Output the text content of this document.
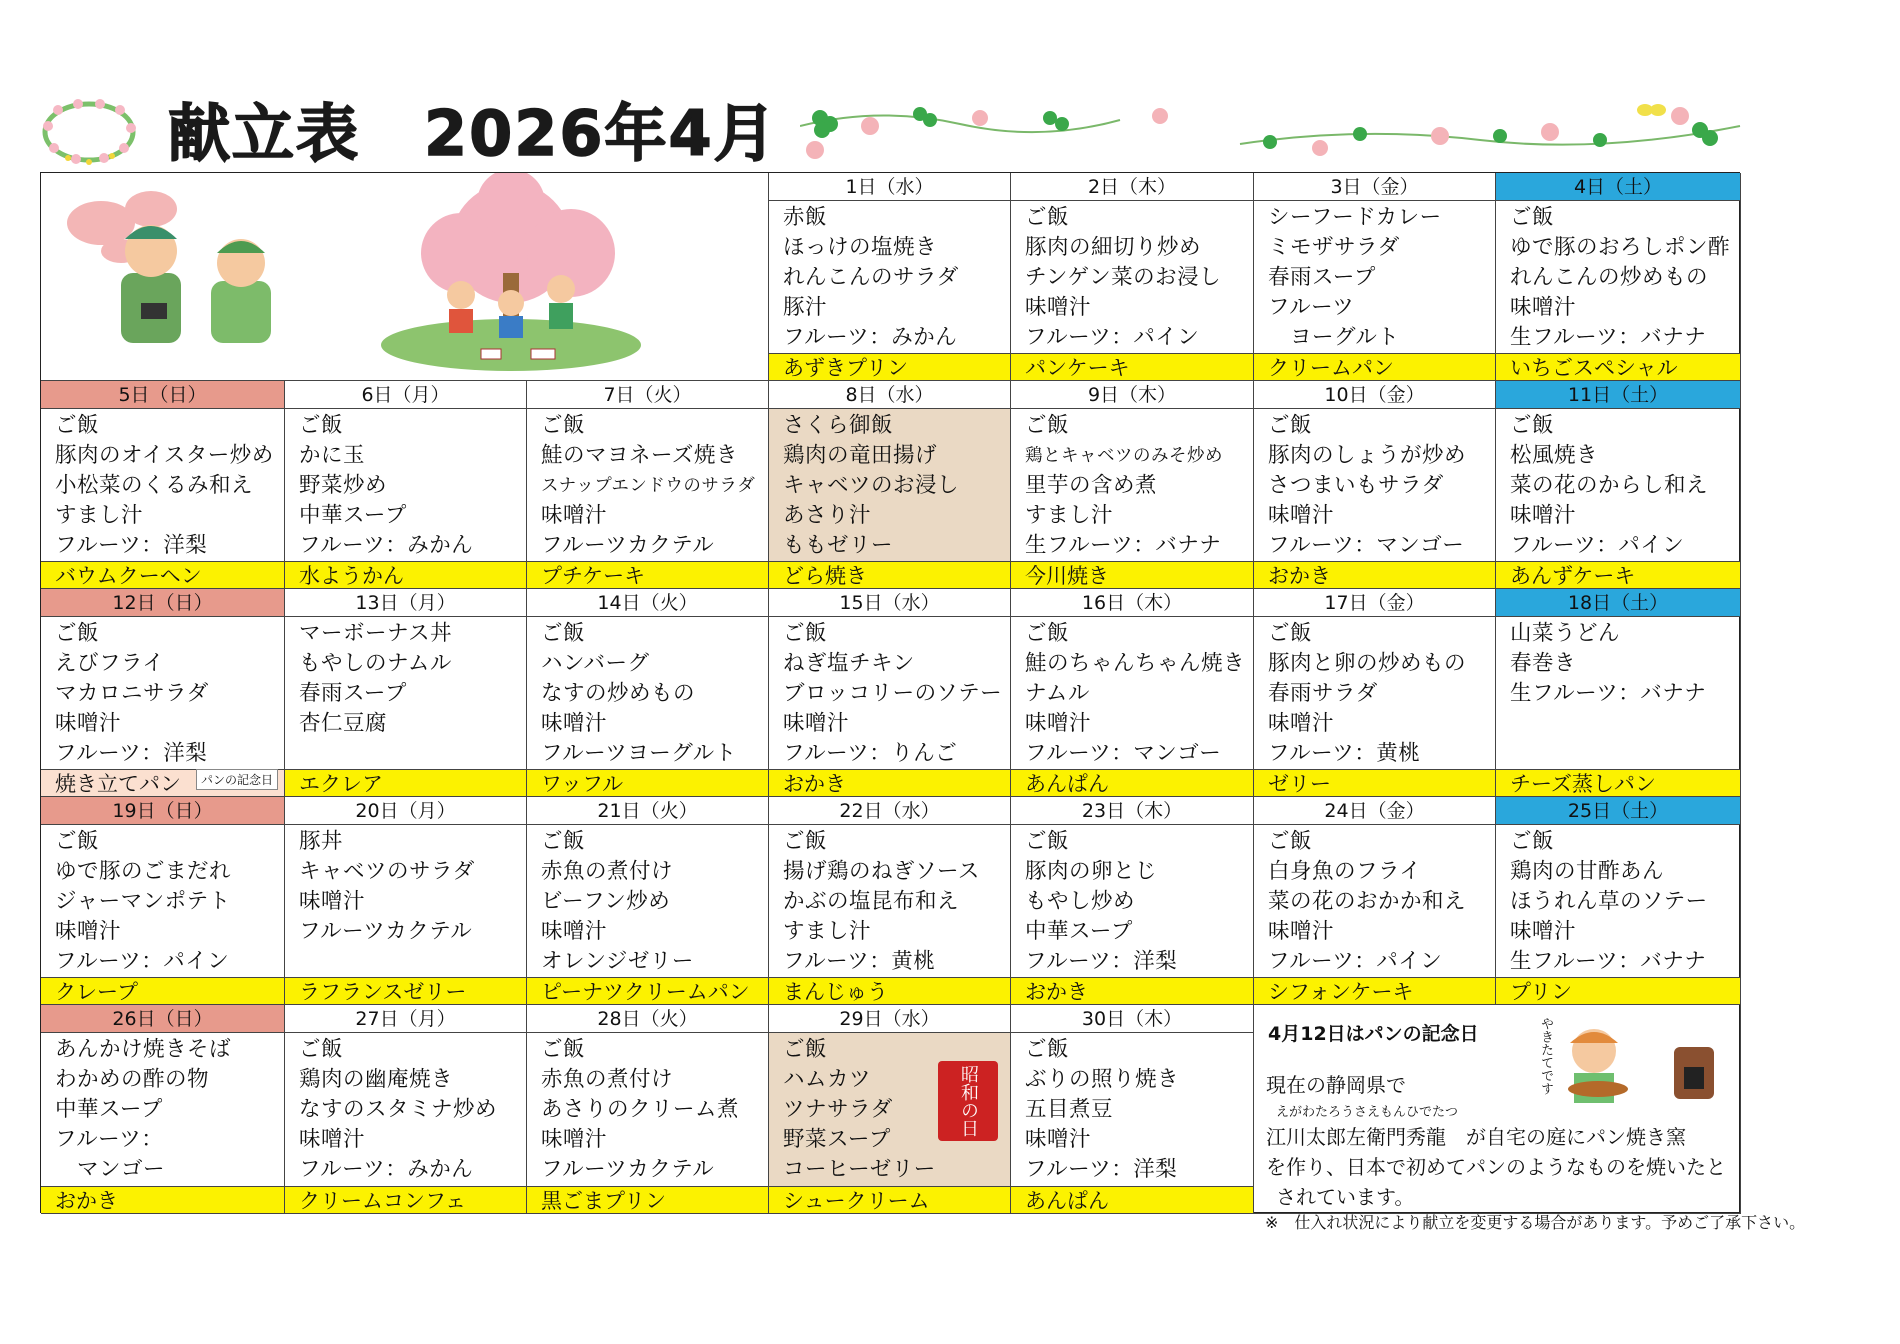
献立表　2026年4月
1日（水）
赤飯
ほっけの塩焼き
れんこんのサラダ
豚汁
フルーツ：みかん
あずきプリン
2日（木）
ご飯
豚肉の細切り炒め
チンゲン菜のお浸し
味噌汁
フルーツ：パイン
パンケーキ
3日（金）
シーフードカレー
ミモザサラダ
春雨スープ
フルーツ
　ヨーグルト
クリームパン
4日（土）
ご飯
ゆで豚のおろしポン酢
れんこんの炒めもの
味噌汁
生フルーツ：バナナ
いちごスペシャル
5日（日）
ご飯
豚肉のオイスター炒め
小松菜のくるみ和え
すまし汁
フルーツ：洋梨
バウムクーヘン
6日（月）
ご飯
かに玉
野菜炒め
中華スープ
フルーツ：みかん
水ようかん
7日（火）
ご飯
鮭のマヨネーズ焼き
スナップエンドウのサラダ
味噌汁
フルーツカクテル
プチケーキ
8日（水）
さくら御飯
鶏肉の竜田揚げ
キャベツのお浸し
あさり汁
ももゼリー
どら焼き
9日（木）
ご飯
鶏とキャベツのみそ炒め
里芋の含め煮
すまし汁
生フルーツ：バナナ
今川焼き
10日（金）
ご飯
豚肉のしょうが炒め
さつまいもサラダ
味噌汁
フルーツ：マンゴー
おかき
11日（土）
ご飯
松風焼き
菜の花のからし和え
味噌汁
フルーツ：パイン
あんずケーキ
12日（日）
ご飯
えびフライ
マカロニサラダ
味噌汁
フルーツ：洋梨
焼き立てパン	パンの記念日
13日（月）
マーボーナス丼
もやしのナムル
春雨スープ
杏仁豆腐
エクレア
14日（火）
ご飯
ハンバーグ
なすの炒めもの
味噌汁
フルーツヨーグルト
ワッフル
15日（水）
ご飯
ねぎ塩チキン
ブロッコリーのソテー
味噌汁
フルーツ：りんご
おかき
16日（木）
ご飯
鮭のちゃんちゃん焼き
ナムル
味噌汁
フルーツ：マンゴー
あんぱん
17日（金）
ご飯
豚肉と卵の炒めもの
春雨サラダ
味噌汁
フルーツ：黄桃
ゼリー
18日（土）
山菜うどん
春巻き
生フルーツ：バナナ
チーズ蒸しパン
19日（日）
ご飯
ゆで豚のごまだれ
ジャーマンポテト
味噌汁
フルーツ：パイン
クレープ
20日（月）
豚丼
キャベツのサラダ
味噌汁
フルーツカクテル
ラフランスゼリー
21日（火）
ご飯
赤魚の煮付け
ビーフン炒め
味噌汁
オレンジゼリー
ピーナツクリームパン
22日（水）
ご飯
揚げ鶏のねぎソース
かぶの塩昆布和え
すまし汁
フルーツ：黄桃
まんじゅう
23日（木）
ご飯
豚肉の卵とじ
もやし炒め
中華スープ
フルーツ：洋梨
おかき
24日（金）
ご飯
白身魚のフライ
菜の花のおかか和え
味噌汁
フルーツ：パイン
シフォンケーキ
25日（土）
ご飯
鶏肉の甘酢あん
ほうれん草のソテー
味噌汁
生フルーツ：バナナ
プリン
26日（日）
あんかけ焼きそば
わかめの酢の物
中華スープ
フルーツ：
　マンゴー
おかき
27日（月）
ご飯
鶏肉の幽庵焼き
なすのスタミナ炒め
味噌汁
フルーツ：みかん
クリームコンフェ
28日（火）
ご飯
赤魚の煮付け
あさりのクリーム煮
味噌汁
フルーツカクテル
黒ごまプリン
29日（水）
ご飯
ハムカツ
ツナサラダ
野菜スープ
コーヒーゼリー
シュークリーム
昭和の日
30日（木）
ご飯
ぶりの照り焼き
五目煮豆
味噌汁
フルーツ：洋梨
あんぱん
4月12日はパンの記念日
現在の静岡県で
えがわたろうさえもんひでたつ
江川太郎左衛門秀龍　が自宅の庭にパン焼き窯
を作り、日本で初めてパンのようなものを焼いたと
されています。
やきたてです
※　仕入れ状況により献立を変更する場合があります。予めご了承下さい。
